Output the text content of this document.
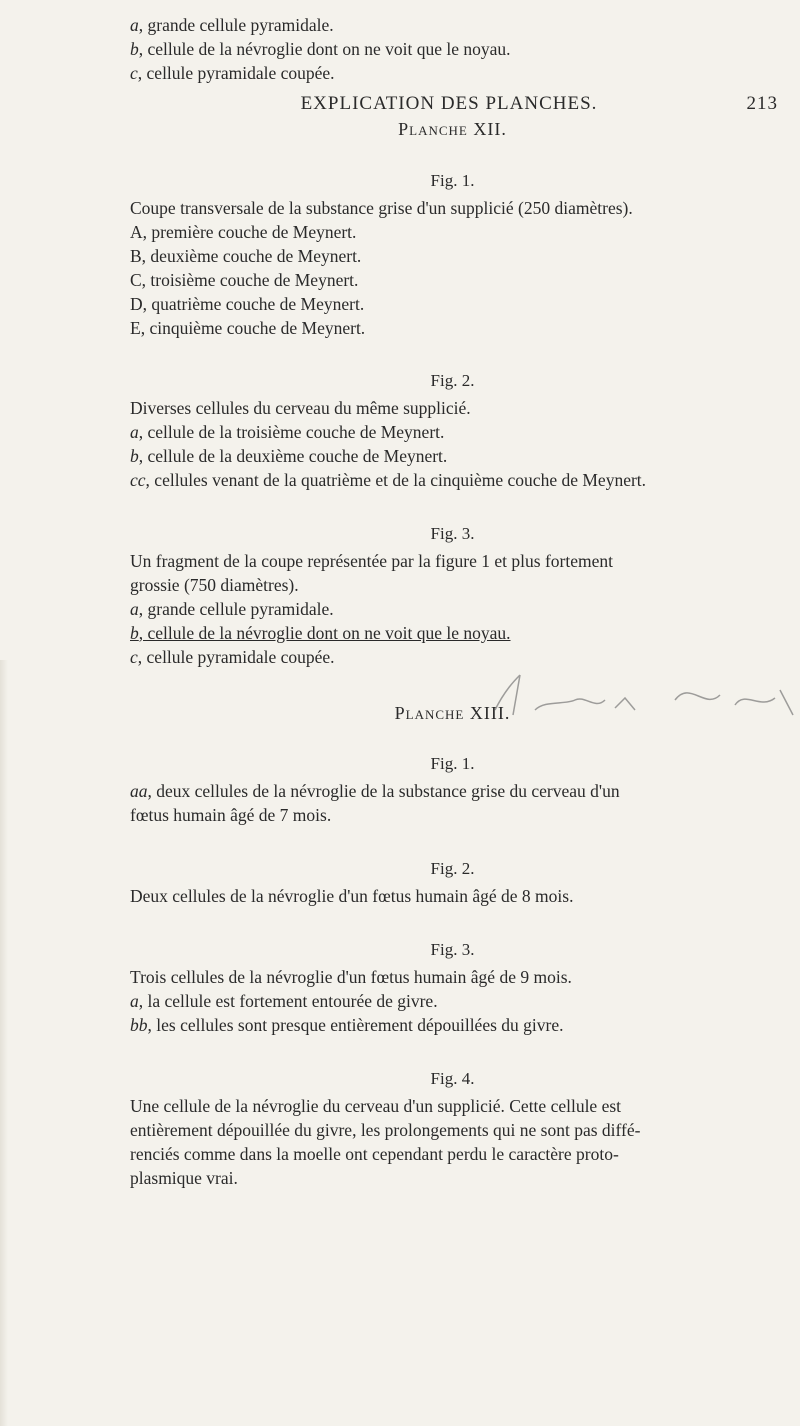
EXPLICATION DES PLANCHES.	213
a, grande cellule pyramidale.
b, cellule de la névroglie dont on ne voit que le noyau.
c, cellule pyramidale coupée.
Planche XII.
Fig. 1.
Coupe transversale de la substance grise d'un supplicié (250 diamètres).
A, première couche de Meynert.
B, deuxième couche de Meynert.
C, troisième couche de Meynert.
D, quatrième couche de Meynert.
E, cinquième couche de Meynert.
Fig. 2.
Diverses cellules du cerveau du même supplicié.
a, cellule de la troisième couche de Meynert.
b, cellule de la deuxième couche de Meynert.
cc, cellules venant de la quatrième et de la cinquième couche de Meynert.
Fig. 3.
Un fragment de la coupe représentée par la figure 1 et plus fortement
grossie (750 diamètres).
a, grande cellule pyramidale.
b, cellule de la névroglie dont on ne voit que le noyau.
c, cellule pyramidale coupée.
Planche XIII.
Fig. 1.
aa, deux cellules de la névroglie de la substance grise du cerveau d'un
fœtus humain âgé de 7 mois.
Fig. 2.
Deux cellules de la névroglie d'un fœtus humain âgé de 8 mois.
Fig. 3.
Trois cellules de la névroglie d'un fœtus humain âgé de 9 mois.
a, la cellule est fortement entourée de givre.
bb, les cellules sont presque entièrement dépouillées du givre.
Fig. 4.
Une cellule de la névroglie du cerveau d'un supplicié. Cette cellule est
entièrement dépouillée du givre, les prolongements qui ne sont pas diffé-
renciés comme dans la moelle ont cependant perdu le caractère proto-
plasmique vrai.
